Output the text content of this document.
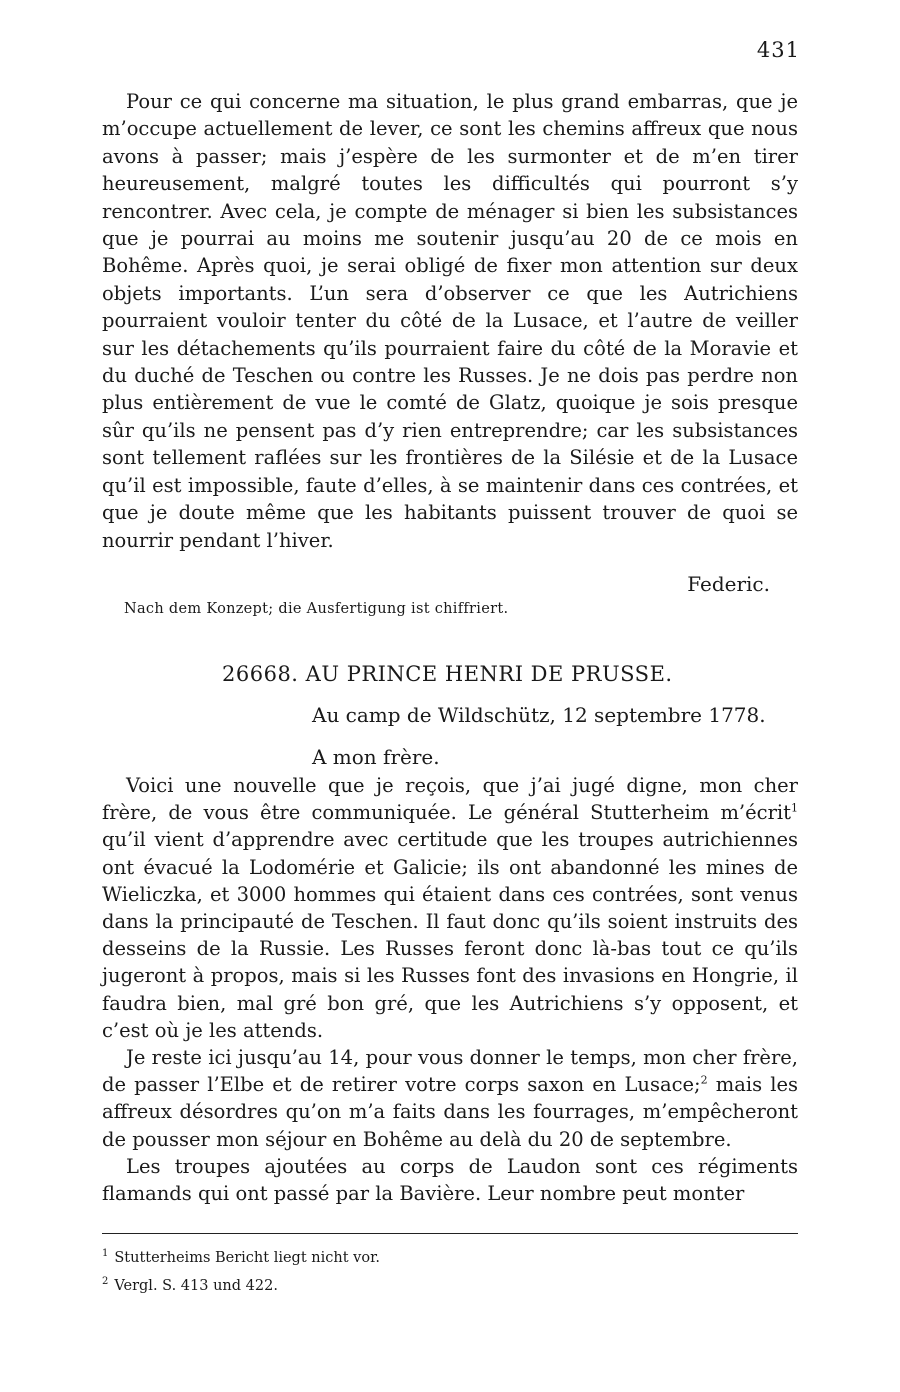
431

Pour ce qui concerne ma situation, le plus grand embarras, que je m’occupe actuellement de lever, ce sont les chemins affreux que nous avons à passer; mais j’espère de les surmonter et de m’en tirer heureusement, malgré toutes les difficultés qui pourront s’y rencontrer. Avec cela, je compte de ménager si bien les subsistances que je pourrai au moins me soutenir jusqu’au 20 de ce mois en Bohême. Après quoi, je serai obligé de fixer mon attention sur deux objets importants. L’un sera d’observer ce que les Autrichiens pourraient vouloir tenter du côté de la Lusace, et l’autre de veiller sur les détachements qu’ils pourraient faire du côté de la Moravie et du duché de Teschen ou contre les Russes. Je ne dois pas perdre non plus entièrement de vue le comté de Glatz, quoique je sois presque sûr qu’ils ne pensent pas d’y rien entreprendre; car les subsistances sont tellement raflées sur les frontières de la Silésie et de la Lusace qu’il est impossible, faute d’elles, à se maintenir dans ces contrées, et que je doute même que les habitants puissent trouver de quoi se nourrir pendant l’hiver.

Federic.
Nach dem Konzept; die Ausfertigung ist chiffriert.
26668. AU PRINCE HENRI DE PRUSSE.
Au camp de Wildschütz, 12 septembre 1778.
A mon frère.

Voici une nouvelle que je reçois, que j’ai jugé digne, mon cher frère, de vous être communiquée. Le général Stutterheim m’écrit$^1$ qu’il vient d’apprendre avec certitude que les troupes autrichiennes ont évacué la Lodomérie et Galicie; ils ont abandonné les mines de Wieliczka, et 3000 hommes qui étaient dans ces contrées, sont venus dans la principauté de Teschen. Il faut donc qu’ils soient instruits des desseins de la Russie. Les Russes feront donc là-bas tout ce qu’ils jugeront à propos, mais si les Russes font des invasions en Hongrie, il faudra bien, mal gré bon gré, que les Autrichiens s’y opposent, et c’est où je les attends.

Je reste ici jusqu’au 14, pour vous donner le temps, mon cher frère, de passer l’Elbe et de retirer votre corps saxon en Lusace;$^2$ mais les affreux désordres qu’on m’a faits dans les fourrages, m’empêcheront de pousser mon séjour en Bohême au delà du 20 de septembre.

Les troupes ajoutées au corps de Laudon sont ces régiments flamands qui ont passé par la Bavière. Leur nombre peut monter

$^1$ Stutterheims Bericht liegt nicht vor.
$^2$ Vergl. S. 413 und 422.
